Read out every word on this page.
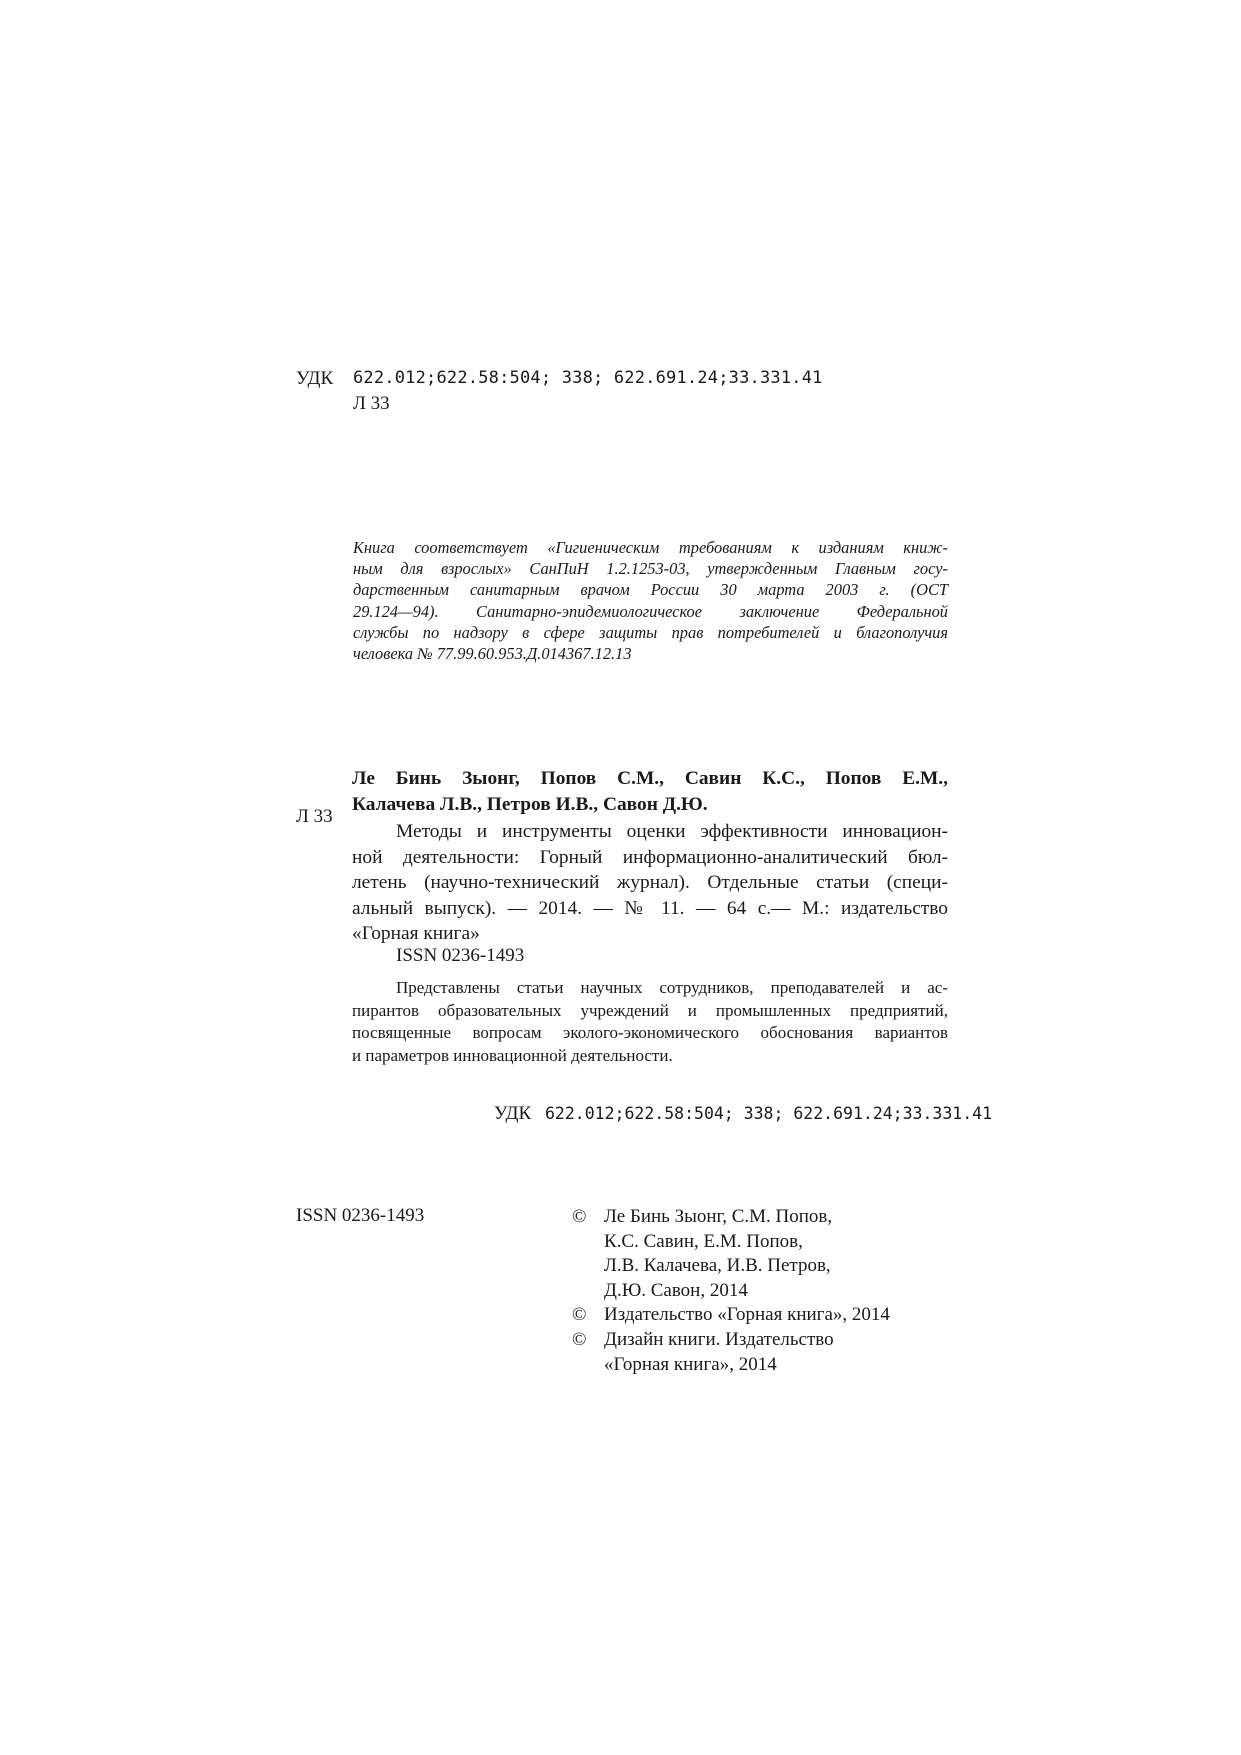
УДК 622.012;622.58:504; 338; 622.691.24;33.331.41
Л 33
Книга соответствует «Гигиеническим требованиям к изданиям книж-
ным для взрослых» СанПиН 1.2.1253-03, утвержденным Главным госу-
дарственным санитарным врачом России 30 марта 2003 г. (ОСТ
29.124—94). Санитарно-эпидемиологическое заключение Федеральной
службы по надзору в сфере защиты прав потребителей и благополучия
человека № 77.99.60.953.Д.014367.12.13
Л 33
Ле Бинь Зыонг, Попов С.М., Савин К.С., Попов Е.М.,
Калачева Л.В., Петров И.В., Савон Д.Ю.
Методы и инструменты оценки эффективности инновацион-
ной деятельности: Горный информационно-аналитический бюл-
летень (научно-технический журнал). Отдельные статьи (специ-
альный выпуск). — 2014. — № 11. — 64 с.— М.: издательство
«Горная книга»
ISSN 0236-1493
Представлены статьи научных сотрудников, преподавателей и ас-
пирантов образовательных учреждений и промышленных предприятий,
посвященные вопросам эколого-экономического обоснования вариантов
и параметров инновационной деятельности.
УДК 622.012;622.58:504; 338; 622.691.24;33.331.41
ISSN 0236-1493	© Ле Бинь Зыонг, С.М. Попов,
К.С. Савин, Е.М. Попов,
Л.В. Калачева, И.В. Петров,
Д.Ю. Савон, 2014
© Издательство «Горная книга», 2014
© Дизайн книги. Издательство
«Горная книга», 2014
